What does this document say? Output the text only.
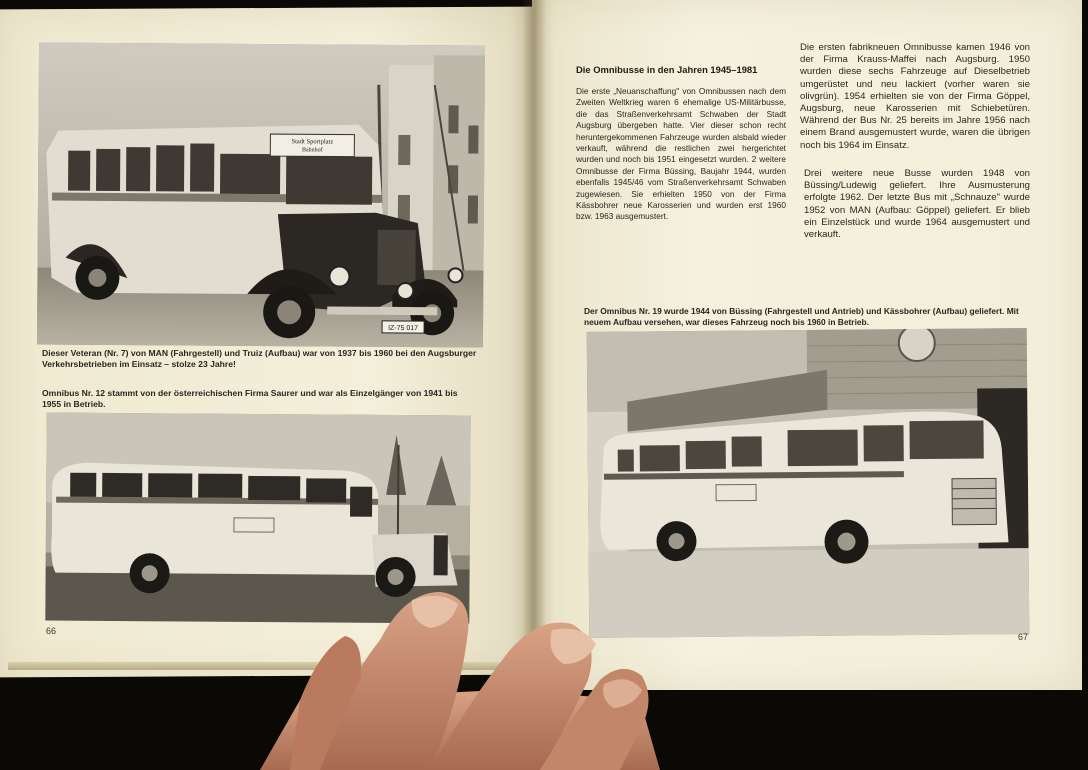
Stadt Sportplatz
Bahnhof
IZ-75 017

Dieser Veteran (Nr. 7) von MAN (Fahrgestell) und Truiz (Aufbau) war von 1937 bis 1960 bei den Augsburger Verkehrsbetrieben im Einsatz – stolze 23 Jahre!

Omnibus Nr. 12 stammt von der österreichischen Firma Saurer und war als Einzelgänger von 1941 bis 1955 in Betrieb.

66
Die Omnibusse in den Jahren 1945–1981

Die erste „Neuanschaffung" von Omnibussen nach dem Zweiten Weltkrieg waren 6 ehemalige US-Militärbusse, die das Straßenverkehrsamt Schwaben der Stadt Augsburg übergeben hatte. Vier dieser schon recht heruntergekommenen Fahrzeuge wurden alsbald wieder verkauft, während die restlichen zwei hergerichtet wurden und noch bis 1951 eingesetzt wurden. 2 weitere Omnibusse der Firma Büssing, Baujahr 1944, wurden ebenfalls 1945/46 vom Straßenverkehrsamt Schwaben zugewiesen. Sie erhielten 1950 von der Firma Kässbohrer neue Karosserien und wurden erst 1960 bzw. 1963 ausgemustert.

Die ersten fabrikneuen Omnibusse kamen 1946 von der Firma Krauss-Maffei nach Augsburg. 1950 wurden diese sechs Fahrzeuge auf Dieselbetrieb umgerüstet und neu lackiert (vorher waren sie olivgrün). 1954 erhielten sie von der Firma Göppel, Augsburg, neue Karosserien mit Schiebetüren. Während der Bus Nr. 25 bereits im Jahre 1956 nach einem Brand ausgemustert wurde, waren die übrigen noch bis 1964 im Einsatz.

Drei weitere neue Busse wurden 1948 von Büssing/Ludewig geliefert. Ihre Ausmusterung erfolgte 1962. Der letzte Bus mit „Schnauze" wurde 1952 von MAN (Aufbau: Göppel) geliefert. Er blieb ein Einzelstück und wurde 1964 ausgemustert und verkauft.

Der Omnibus Nr. 19 wurde 1944 von Büssing (Fahrgestell und Antrieb) und Kässbohrer (Aufbau) geliefert. Mit neuem Aufbau versehen, war dieses Fahrzeug noch bis 1960 in Betrieb.

67
